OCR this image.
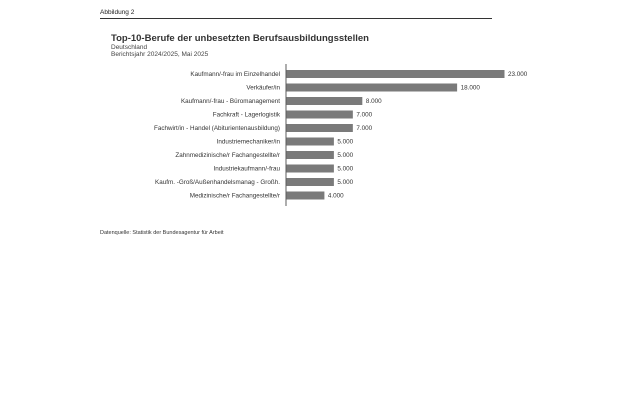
Abbildung 2
Top-10-Berufe der unbesetzten Berufsausbildungsstellen
Deutschland
Berichtsjahr 2024/2025, Mai 2025
Kaufmann/-frau im Einzelhandel	23.000
Verkäufer/in	18.000
Kaufmann/-frau - Büromanagement	8.000
Fachkraft - Lagerlogistik	7.000
Fachwirt/in - Handel (Abiturientenausbildung)	7.000
Industriemechaniker/in	5.000
Zahnmedizinische/r Fachangestellte/r	5.000
Industriekaufmann/-frau	5.000
Kaufm. -Groß/Außenhandelsmanag - Großh.	5.000
Medizinische/r Fachangestellte/r	4.000
Datenquelle: Statistik der Bundesagentur für Arbeit
